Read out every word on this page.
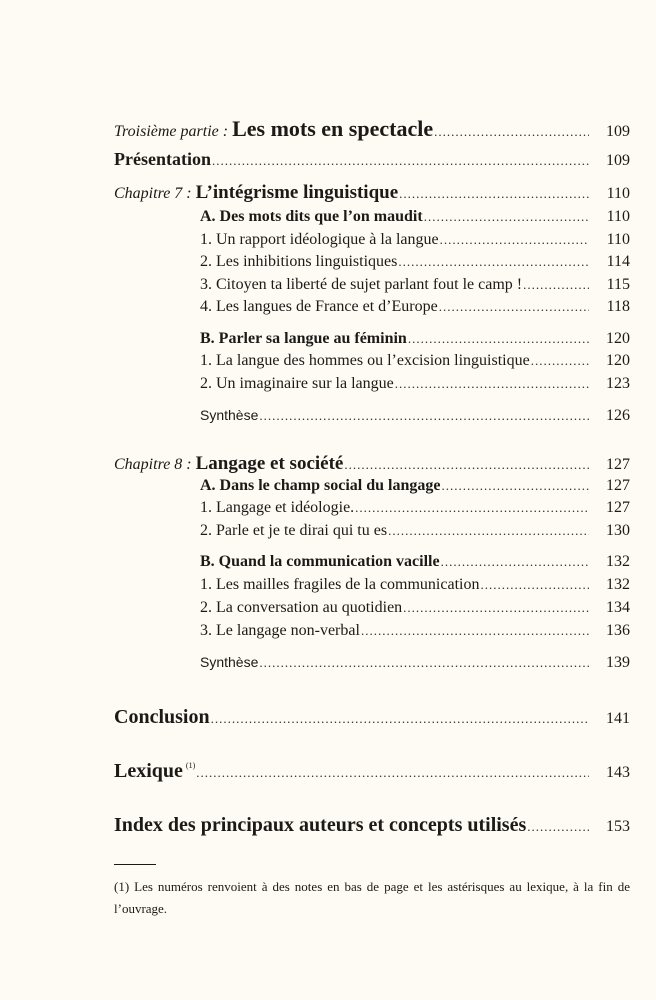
Troisième partie : Les mots en spectacle .....	109
Présentation .....	109
Chapitre 7 : L’intégrisme linguistique .....	110
A. Des mots dits que l’on maudit .....	110
1. Un rapport idéologique à la langue .....	110
2. Les inhibitions linguistiques .....	114
3. Citoyen ta liberté de sujet parlant fout le camp ! .....	115
4. Les langues de France et d’Europe .....	118
B. Parler sa langue au féminin .....	120
1. La langue des hommes ou l’excision linguistique .....	120
2. Un imaginaire sur la langue .....	123
Synthèse .....	126
Chapitre 8 : Langage et société .....	127
A. Dans le champ social du langage .....	127
1. Langage et idéologie. .....	127
2. Parle et je te dirai qui tu es .....	130
B. Quand la communication vacille .....	132
1. Les mailles fragiles de la communication .....	132
2. La conversation au quotidien .....	134
3. Le langage non-verbal .....	136
Synthèse .....	139
Conclusion .....	141
Lexique $^{(1)}$ .....	143
Index des principaux auteurs et concepts utilisés .....	153
(1) Les numéros renvoient à des notes en bas de page et les astérisques au lexique, à la fin de l’ouvrage.
